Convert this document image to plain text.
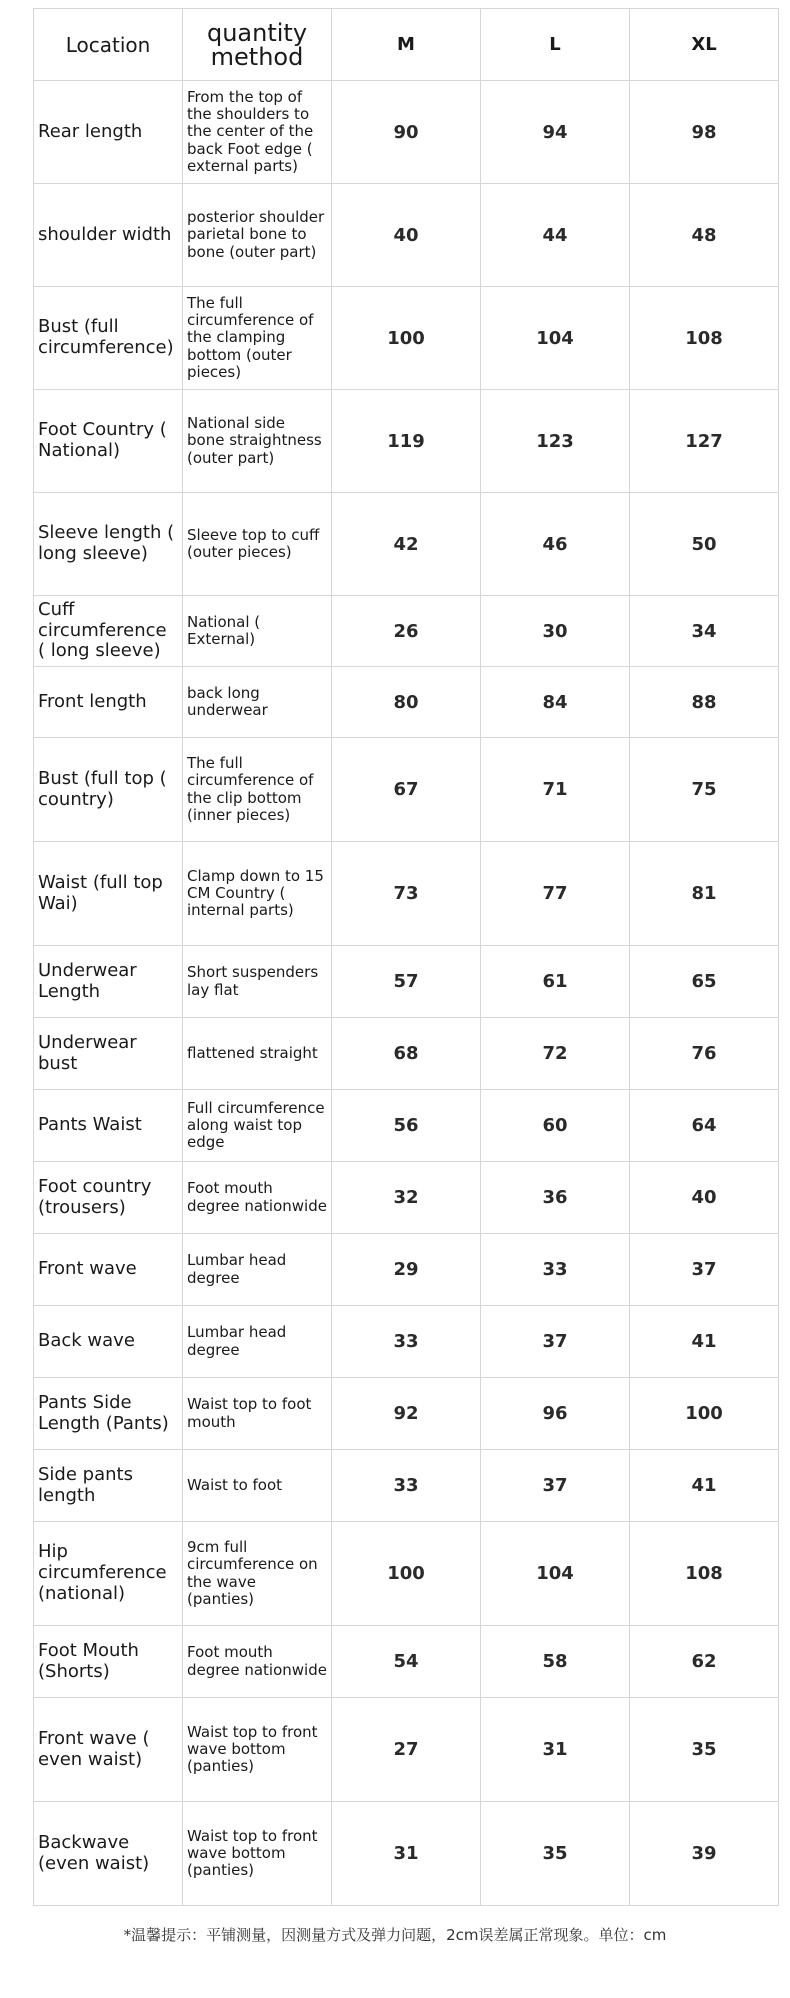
Location	quantity method	M	L	XL
Rear length	From the top of the shoulders to the center of the back Foot edge ( external parts)	90	94	98
shoulder width	posterior shoulder parietal bone to bone (outer part)	40	44	48
Bust (full circumference)	The full circumference of the clamping bottom (outer pieces)	100	104	108
Foot Country ( National)	National side bone straightness (outer part)	119	123	127
Sleeve length ( long sleeve)	Sleeve top to cuff (outer pieces)	42	46	50
Cuff circumference ( long sleeve)	National ( External)	26	30	34
Front length	back long underwear	80	84	88
Bust (full top ( country)	The full circumference of the clip bottom (inner pieces)	67	71	75
Waist (full top Wai)	Clamp down to 15 CM Country ( internal parts)	73	77	81
Underwear Length	Short suspenders lay flat	57	61	65
Underwear bust	flattened straight	68	72	76
Pants Waist	Full circumference along waist top edge	56	60	64
Foot country (trousers)	Foot mouth degree nationwide	32	36	40
Front wave	Lumbar head degree	29	33	37
Back wave	Lumbar head degree	33	37	41
Pants Side Length (Pants)	Waist top to foot mouth	92	96	100
Side pants length	Waist to foot	33	37	41
Hip circumference (national)	9cm full circumference on the wave (panties)	100	104	108
Foot Mouth (Shorts)	Foot mouth degree nationwide	54	58	62
Front wave ( even waist)	Waist top to front wave bottom (panties)	27	31	35
Backwave (even waist)	Waist top to front wave bottom (panties)	31	35	39
*温馨提示：平铺测量，因测量方式及弹力问题，2cm误差属正常现象。单位：cm
